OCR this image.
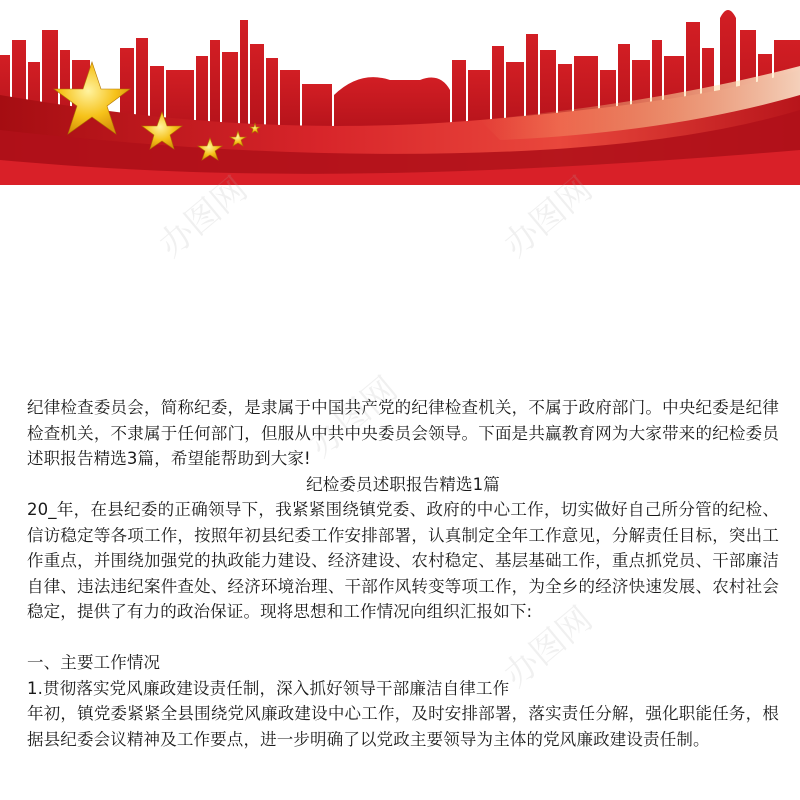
办图网	办图网
办图网
办图网

纪律检查委员会，简称纪委，是隶属于中国共产党的纪律检查机关，不属于政府部门。中央纪委是纪律检查机关，不隶属于任何部门，但服从中共中央委员会领导。下面是共赢教育网为大家带来的纪检委员述职报告精选3篇，希望能帮助到大家!

纪检委员述职报告精选1篇

20_年，在县纪委的正确领导下，我紧紧围绕镇党委、政府的中心工作，切实做好自己所分管的纪检、信访稳定等各项工作，按照年初县纪委工作安排部署，认真制定全年工作意见，分解责任目标，突出工作重点，并围绕加强党的执政能力建设、经济建设、农村稳定、基层基础工作，重点抓党员、干部廉洁自律、违法违纪案件查处、经济环境治理、干部作风转变等项工作，为全乡的经济快速发展、农村社会稳定，提供了有力的政治保证。现将思想和工作情况向组织汇报如下:

一、主要工作情况

1.贯彻落实党风廉政建设责任制，深入抓好领导干部廉洁自律工作

年初，镇党委紧紧全县围绕党风廉政建设中心工作，及时安排部署，落实责任分解，强化职能任务，根据县纪委会议精神及工作要点，进一步明确了以党政主要领导为主体的党风廉政建设责任制。
